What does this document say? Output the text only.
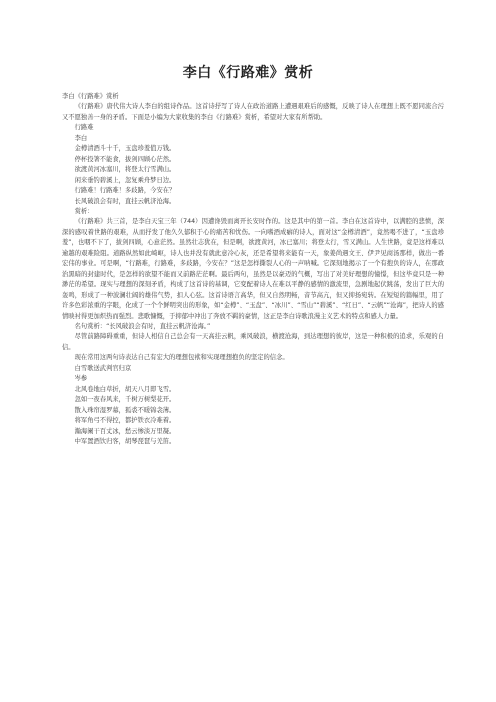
李白《行路难》赏析

李白《行路难》赏析

《行路难》唐代伟大诗人李白的组诗作品。这首诗抒写了诗人在政治道路上遭遇艰难后的感慨，反映了诗人在理想上既不愿同流合污又不愿独善一身的矛盾。下面是小编为大家收集的李白《行路难》赏析，希望对大家有所帮助。

行路难

李白

金樽清酒斗十千，玉盘珍羞值万钱。

停杯投箸不能食，拔剑四顾心茫然。

欲渡黄河冰塞川，将登太行雪满山。

闲来垂钓碧溪上，忽复乘舟梦日边。

行路难！行路难！多歧路，今安在？

长风破浪会有时，直挂云帆济沧海。

赏析：

《行路难》共三首，是李白天宝三年（744）因遭谗毁而离开长安时作的。这是其中的第一首。李白在这首诗中，以满腔的悲愤，深深的感叹着世路的艰难，从而抒发了他久久郁积于心的痛苦和忧伤。一向嗜酒成癖的诗人，面对这“金樽清酒”，竟然喝不进了，“玉盘珍羞”，也咽不下了，拔剑四顾，心意茫然。虽然壮志犹在，但是啊，欲渡黄河，冰已塞川；将登太行，雪又满山。人生世路，竟是这样难以逾越的艰难险阻。道路纵然如此崎岖，诗人也并没有就此意冷心灰，还是希望将来能有一天，象姜尚遇文王、伊尹见商汤那样，做出一番宏伟的事业。可是啊，“行路难，行路难，多歧路，今安在？”这是怎样撕裂人心的一声呐喊。它深刻地揭示了一个有抱负的诗人，在那政治黑暗的封建时代，是怎样的欲望不能而又前路茫茫啊。最后两句，虽然是以豪迈的气概，写出了对美好理想的憧憬，但这毕竟只是一种渺茫的希望。现实与理想的深刻矛盾，构成了这首诗的基调，它变配着诗人在难以平静的感情的激流里，急剧地起伏跳荡，发出了巨大的轰鸣，形成了一种波澜壮阔的雄伟气势，扣人心弦。这首诗语言高华，但又自然明畅，音节高亢，但又抑扬宛转。在短短的篇幅里，用了许多色彩浓重的字眼，化成了一个个鲜明突出的形象，如“金樽”、“玉盘”、“冰川”、“雪山”“碧溪”、“红日”、“云帆”“沧海”，把诗人的感情映衬得更加炽热而强烈。悲歌慷慨，于抑郁中冲出了奔放不羁的豪情，这正是李白诗歌浪漫主义艺术的特点和感人力量。

名句赏析：“长风破浪会有时，直挂云帆济沧海。”

尽管前路障碍重重，但诗人相信自己总会有一天高挂云帆，乘风破浪，横渡沧海，到达理想的彼岸，这是一种积极的追求，乐观的自信。

现在常用这两句诗表达自己有宏大的理想包袱和实现理想抱负的坚定的信念。

白雪歌送武判官归京

岑参

北风卷地白草折，胡天八月即飞雪。

忽如一夜春风来，千树万树梨花开。

散入珠帘湿罗幕，狐裘不暖锦衾薄。

将军角弓不得控，都护铁衣冷难着。

瀚海阑干百丈冰，愁云惨淡万里凝。

中军置酒饮归客，胡琴琵琶与羌笛。
